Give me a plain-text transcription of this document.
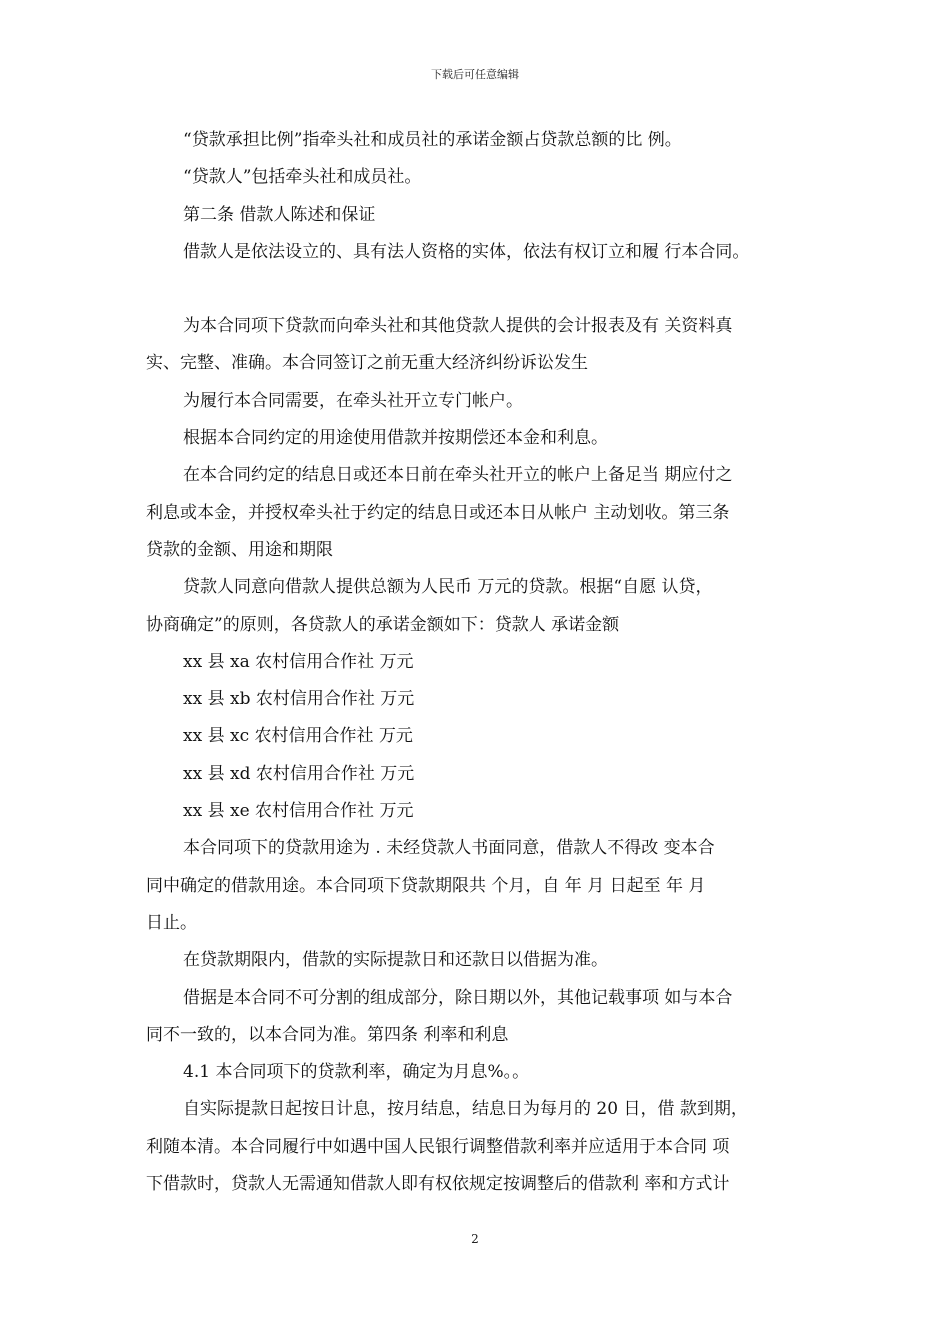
下载后可任意编辑
“贷款承担比例”指牵头社和成员社的承诺金额占贷款总额的比 例。
“贷款人”包括牵头社和成员社。
第二条 借款人陈述和保证
借款人是依法设立的、具有法人资格的实体，依法有权订立和履 行本合同。
为本合同项下贷款而向牵头社和其他贷款人提供的会计报表及有 关资料真
实、完整、准确。本合同签订之前无重大经济纠纷诉讼发生
为履行本合同需要，在牵头社开立专门帐户。
根据本合同约定的用途使用借款并按期偿还本金和利息。
在本合同约定的结息日或还本日前在牵头社开立的帐户上备足当 期应付之
利息或本金，并授权牵头社于约定的结息日或还本日从帐户 主动划收。第三条
贷款的金额、用途和期限
贷款人同意向借款人提供总额为人民币 万元的贷款。根据“自愿 认贷，
协商确定”的原则，各贷款人的承诺金额如下：贷款人 承诺金额
xx 县 xa 农村信用合作社 万元
xx 县 xb 农村信用合作社 万元
xx 县 xc 农村信用合作社 万元
xx 县 xd 农村信用合作社 万元
xx 县 xe 农村信用合作社 万元
本合同项下的贷款用途为 . 未经贷款人书面同意，借款人不得改 变本合
同中确定的借款用途。本合同项下贷款期限共 个月，自 年 月 日起至 年 月
日止。
在贷款期限内，借款的实际提款日和还款日以借据为准。
借据是本合同不可分割的组成部分，除日期以外，其他记载事项 如与本合
同不一致的，以本合同为准。第四条 利率和利息
4.1 本合同项下的贷款利率，确定为月息%。。
自实际提款日起按日计息，按月结息，结息日为每月的 20 日，借 款到期，
利随本清。本合同履行中如遇中国人民银行调整借款利率并应适用于本合同 项
下借款时，贷款人无需通知借款人即有权依规定按调整后的借款利 率和方式计
2
